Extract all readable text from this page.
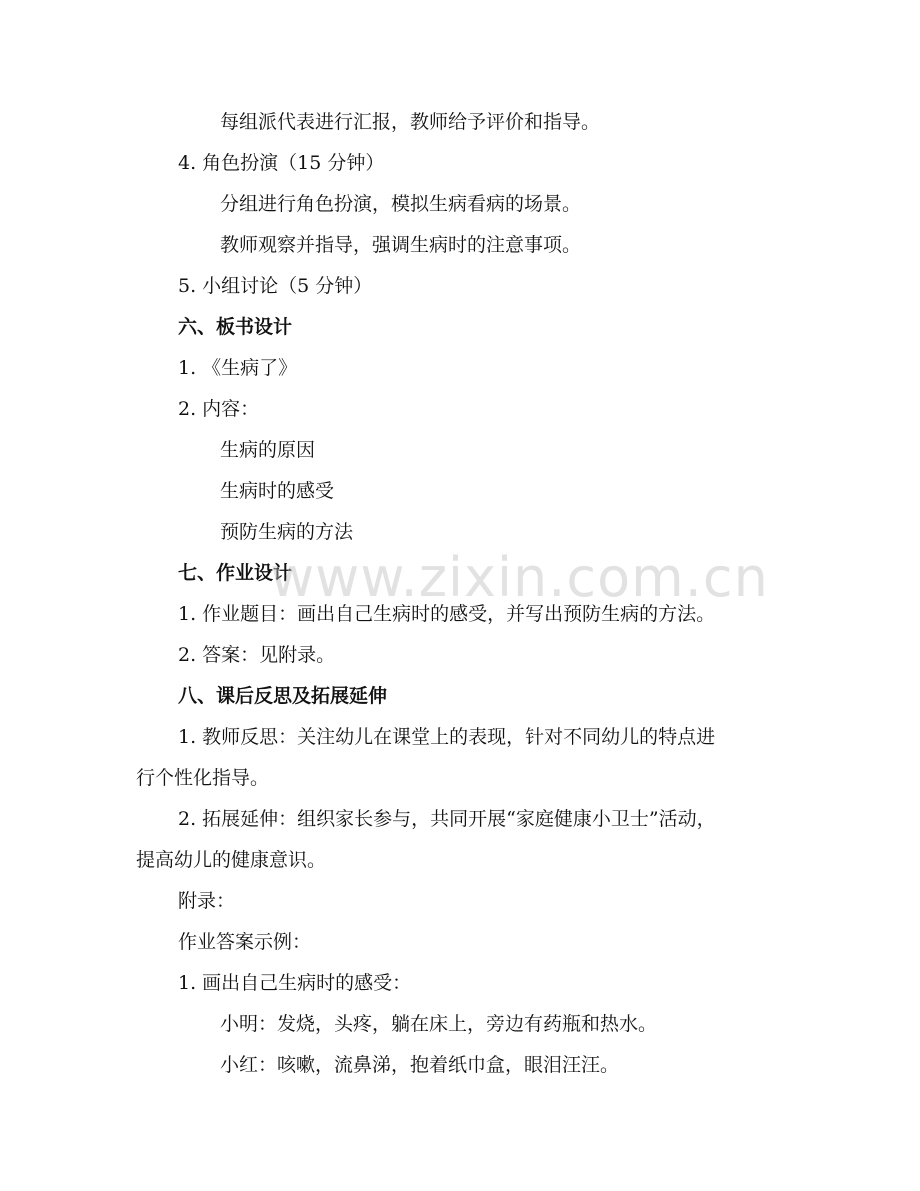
每组派代表进行汇报，教师给予评价和指导。
4. 角色扮演（15 分钟）
分组进行角色扮演，模拟生病看病的场景。
教师观察并指导，强调生病时的注意事项。
5. 小组讨论（5 分钟）
六、板书设计
1. 《生病了》
2. 内容：
生病的原因
生病时的感受
预防生病的方法
七、作业设计
1. 作业题目：画出自己生病时的感受，并写出预防生病的方法。
2. 答案：见附录。
八、课后反思及拓展延伸
1. 教师反思：关注幼儿在课堂上的表现，针对不同幼儿的特点进
行个性化指导。
2. 拓展延伸：组织家长参与，共同开展“家庭健康小卫士”活动，
提高幼儿的健康意识。
附录：
作业答案示例：
1. 画出自己生病时的感受：
小明：发烧，头疼，躺在床上，旁边有药瓶和热水。
小红：咳嗽，流鼻涕，抱着纸巾盒，眼泪汪汪。
www.zixin.com.cn
